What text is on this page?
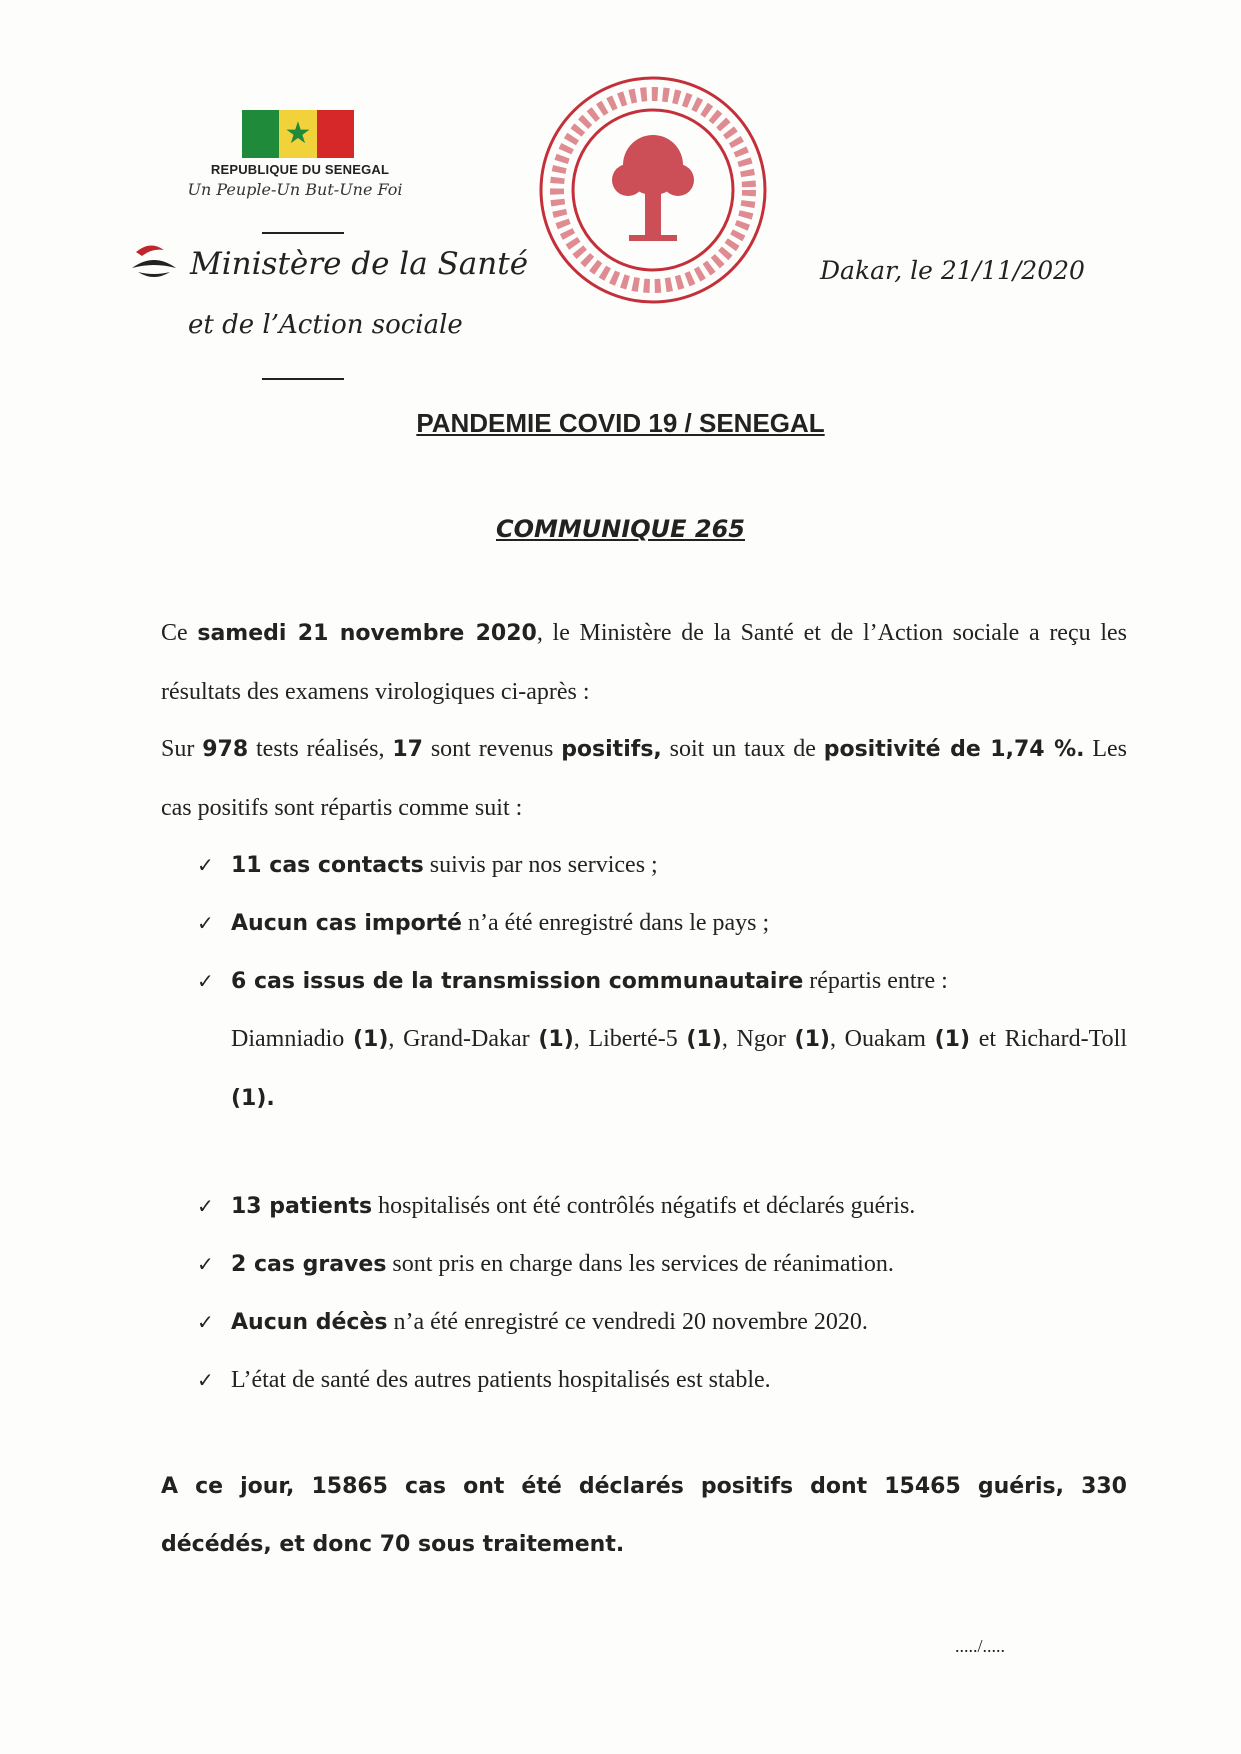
★
REPUBLIQUE DU SENEGAL
Un Peuple-Un But-Une Foi
Ministère de la Santé
et de l’Action sociale
Dakar, le 21/11/2020
PANDEMIE COVID 19 / SENEGAL
COMMUNIQUE 265
Ce samedi 21 novembre 2020, le Ministère de la Santé et de l’Action sociale a reçu les résultats des examens virologiques ci-après :
Sur 978 tests réalisés, 17 sont revenus positifs, soit un taux de positivité de 1,74 %. Les cas positifs sont répartis comme suit :
✓ 11 cas contacts suivis par nos services ;
✓ Aucun cas importé n’a été enregistré dans le pays ;
✓ 6 cas issus de la transmission communautaire répartis entre :
Diamniadio (1), Grand-Dakar (1), Liberté-5 (1), Ngor (1), Ouakam (1) et Richard-Toll (1).
✓ 13 patients hospitalisés ont été contrôlés négatifs et déclarés guéris.
✓ 2 cas graves sont pris en charge dans les services de réanimation.
✓ Aucun décès n’a été enregistré ce vendredi 20 novembre 2020.
✓ L’état de santé des autres patients hospitalisés est stable.
A ce jour, 15865 cas ont été déclarés positifs dont 15465 guéris, 330 décédés, et donc 70 sous traitement.
...../.....
